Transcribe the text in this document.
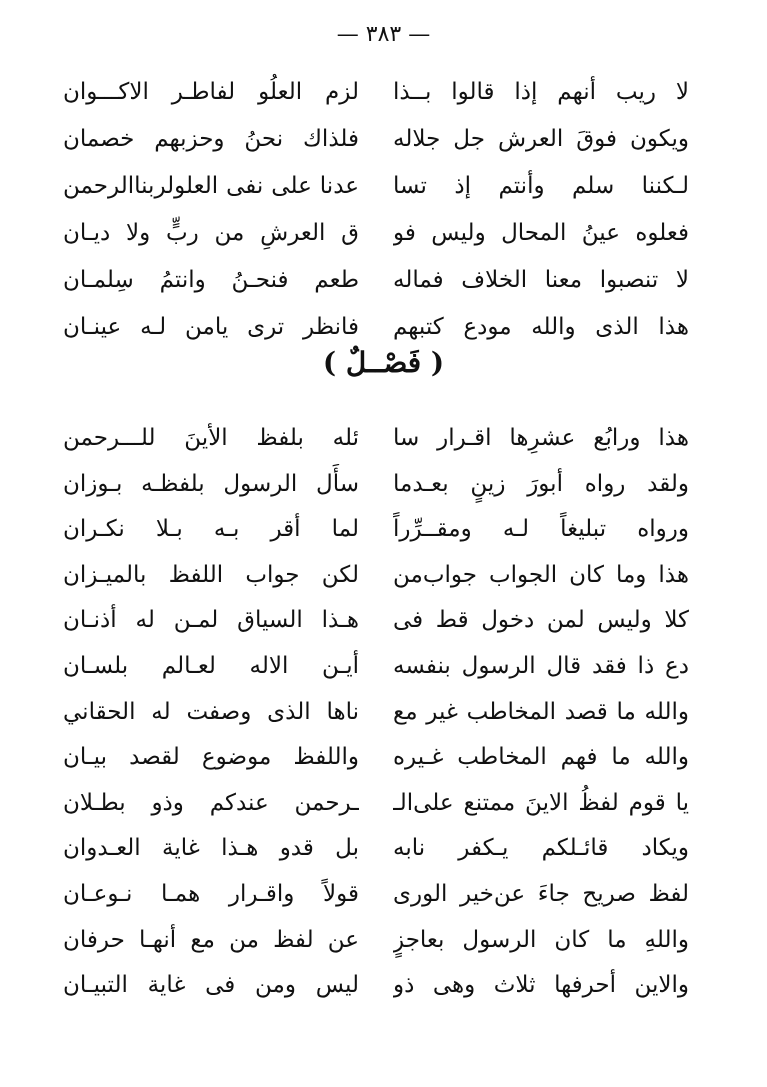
— ٣٨٣ —
لا ريب أنهم إذا قالوا بــذا
لزم العلُو لفاطـر الاكـــوان
ويكون فوقَ العرش جل جلاله
فلذاك نحنُ وحزبهم خصمان
لـكننا سلم وأنتم إذ تسا
عدنا على نفى العلولربناالرحمن
فعلوه عينُ المحال وليس فو
ق العرشِ من ربٍّ ولا ديـان
لا تنصبوا معنا الخلاف فماله
طعم فنحـنُ وانتمُ سِلمـان
هذا الذى والله مودع كتبهم
فانظر ترى يامن لـه عينـان
( فَصْــلٌ )
هذا ورابُع عشرِها اقـرار سا
ئله بلفظ الأينَ للـــرحمن
ولقد رواه أبورَ زينٍ بعـدما
سأَل الرسول بلفظـه بـوزان
ورواه تبليغاً لـه ومقــرِّراً
لما أقر بـه بـلا نكـران
هذا وما كان الجواب جواب‌من
لكن جواب اللفظ بالميـزان
كلا وليس لمن دخول قط فى
هـذا السياق لمـن له أذنـان
دع ذا فقد قال الرسول بنفسه
أيـن الاله لعـالم بلسـان
والله ما قصد المخاطب غير مع
ناها الذى وصفت له الحقاني
والله ما فهم المخاطب غـيره
واللفظ موضوع لقصد بيـان
يا قوم لفظُ الاينَ ممتنع على‌الـ
ـرحمن عندكم وذو بطـلان
ويكاد قائـلكم يـكفر نابه
بل قدو هـذا غاية العـدوان
لفظ صريح جاءَ عن‌خير الورى
قولاً واقـرار همـا نـوعـان
واللهِ ما كان الرسول بعاجزٍ
عن لفظ من مع أنهـا حرفان
والاين أحرفها ثلاث وهى ذو
ليس ومن فى غاية التبيـان
